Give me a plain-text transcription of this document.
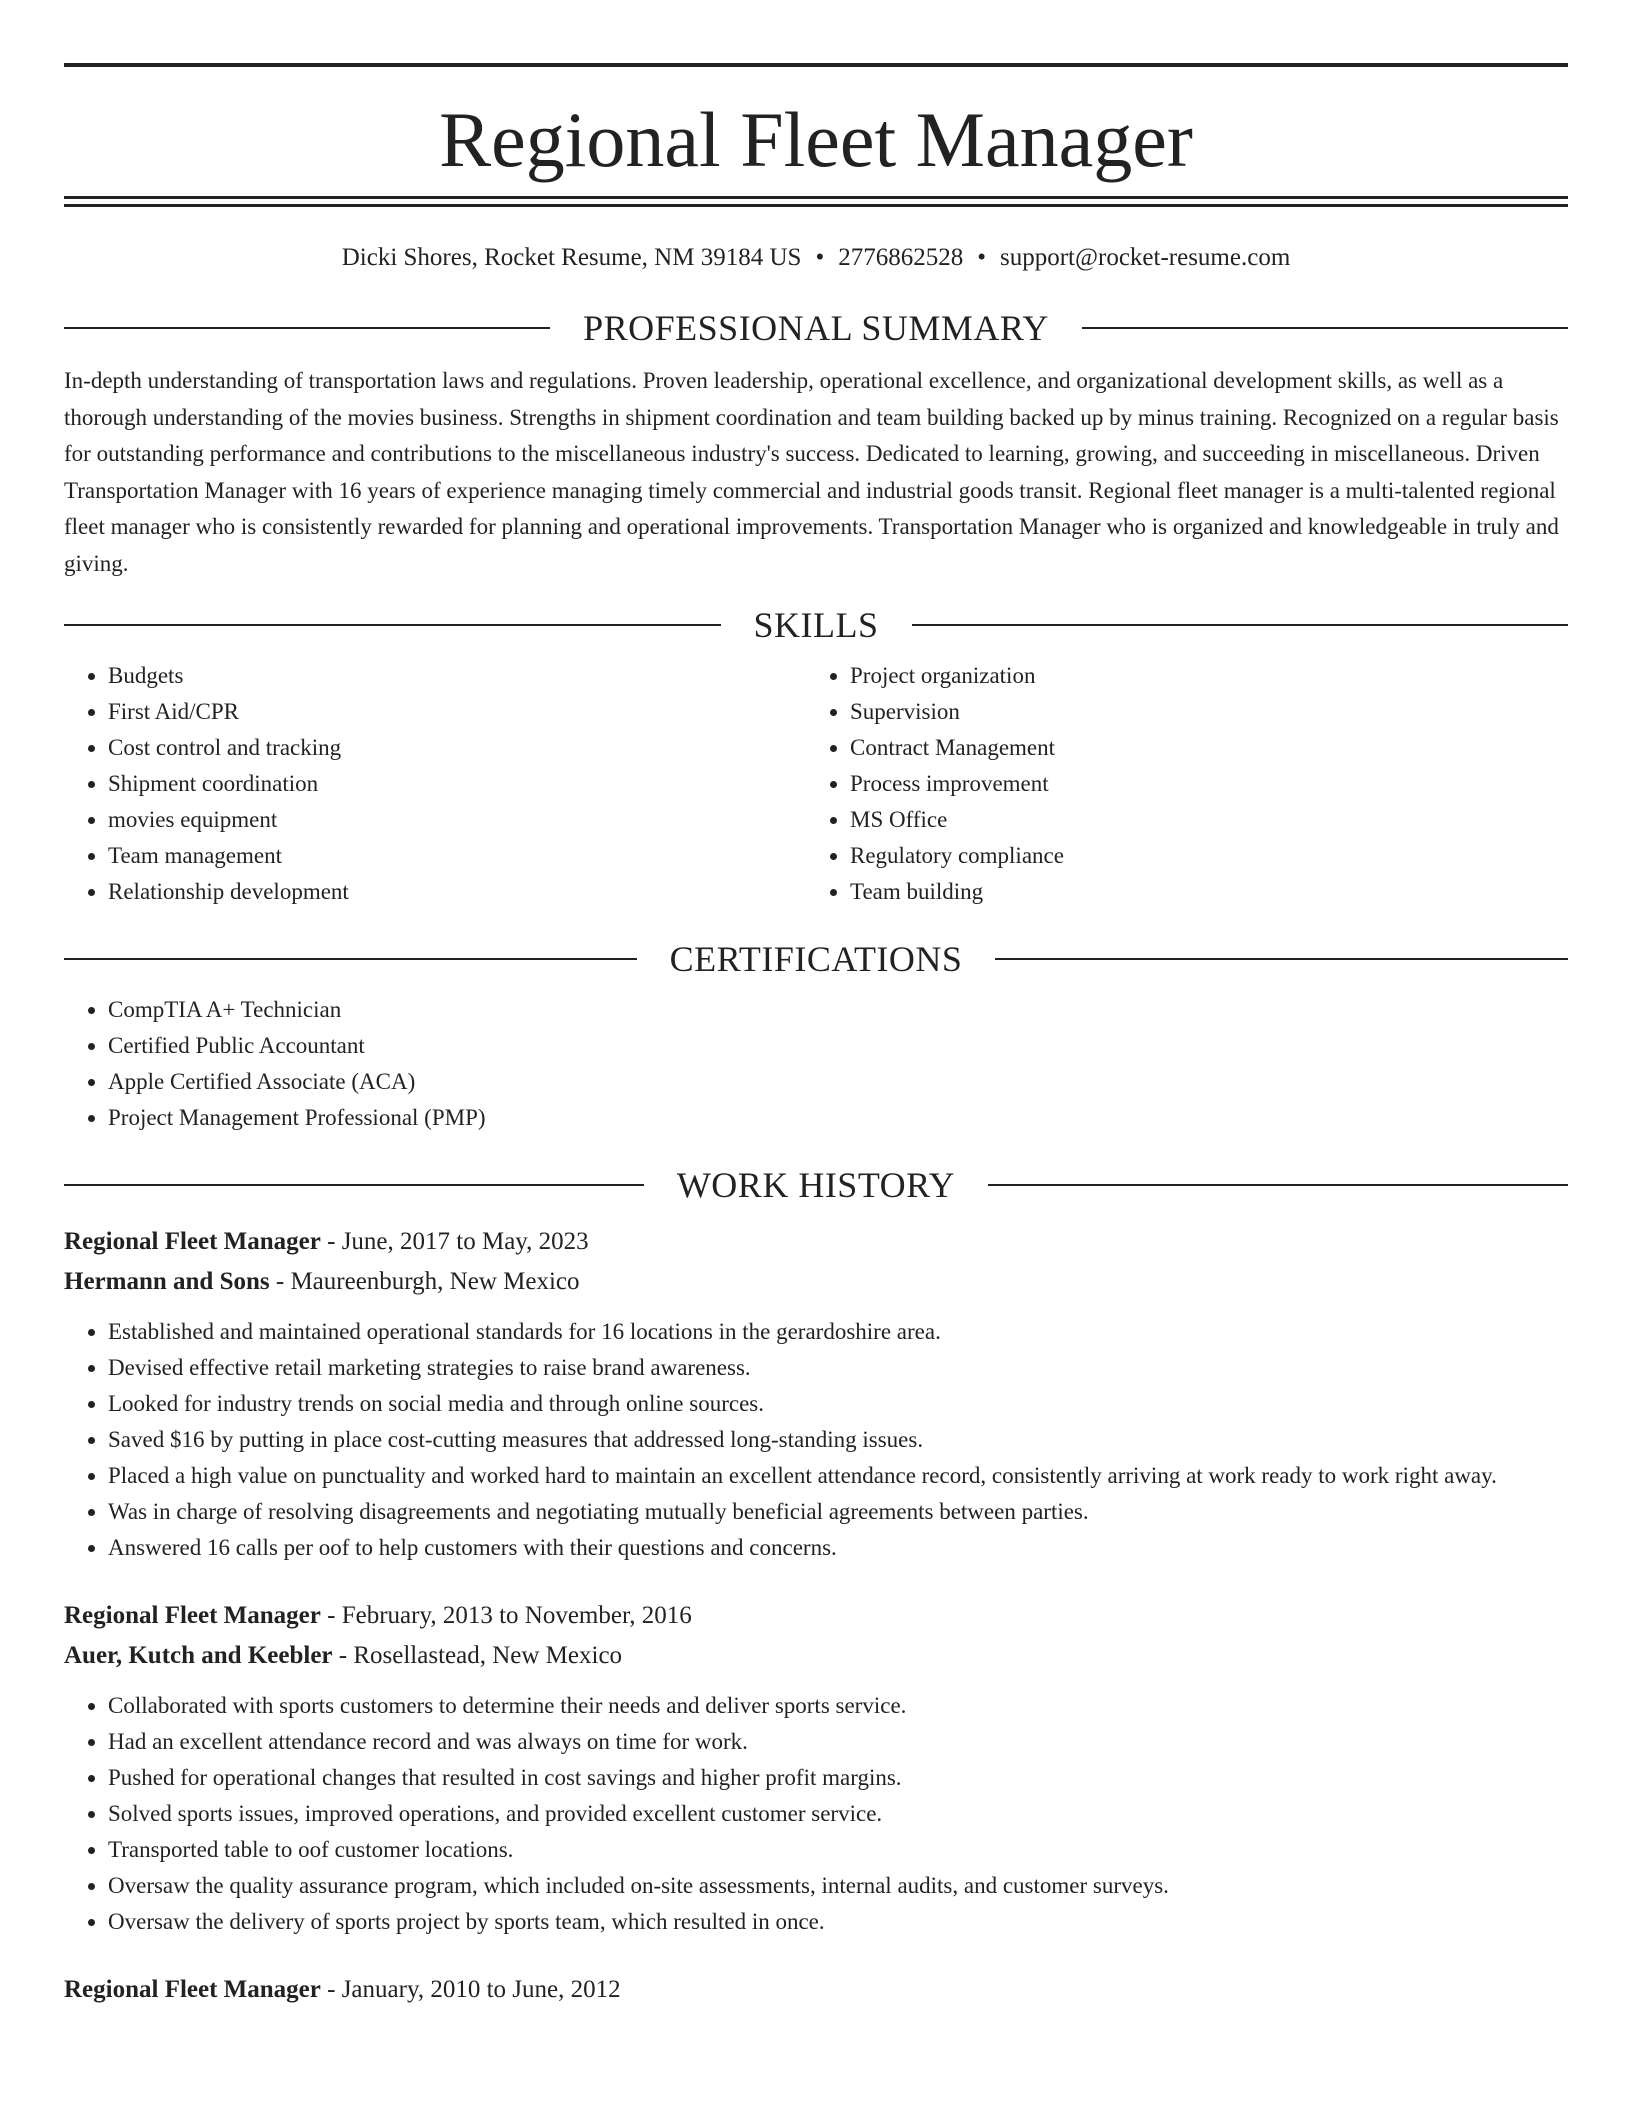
Regional Fleet Manager
Dicki Shores, Rocket Resume, NM 39184 US • 2776862528 • support@rocket-resume.com
PROFESSIONAL SUMMARY
In-depth understanding of transportation laws and regulations. Proven leadership, operational excellence, and organizational development skills, as well as a thorough understanding of the movies business. Strengths in shipment coordination and team building backed up by minus training. Recognized on a regular basis for outstanding performance and contributions to the miscellaneous industry's success. Dedicated to learning, growing, and succeeding in miscellaneous. Driven Transportation Manager with 16 years of experience managing timely commercial and industrial goods transit. Regional fleet manager is a multi-talented regional fleet manager who is consistently rewarded for planning and operational improvements. Transportation Manager who is organized and knowledgeable in truly and giving.
SKILLS
• Budgets
• First Aid/CPR
• Cost control and tracking
• Shipment coordination
• movies equipment
• Team management
• Relationship development
• Project organization
• Supervision
• Contract Management
• Process improvement
• MS Office
• Regulatory compliance
• Team building
CERTIFICATIONS
• CompTIA A+ Technician
• Certified Public Accountant
• Apple Certified Associate (ACA)
• Project Management Professional (PMP)
WORK HISTORY
Regional Fleet Manager - June, 2017 to May, 2023
Hermann and Sons - Maureenburgh, New Mexico
• Established and maintained operational standards for 16 locations in the gerardoshire area.
• Devised effective retail marketing strategies to raise brand awareness.
• Looked for industry trends on social media and through online sources.
• Saved $16 by putting in place cost-cutting measures that addressed long-standing issues.
• Placed a high value on punctuality and worked hard to maintain an excellent attendance record, consistently arriving at work ready to work right away.
• Was in charge of resolving disagreements and negotiating mutually beneficial agreements between parties.
• Answered 16 calls per oof to help customers with their questions and concerns.
Regional Fleet Manager - February, 2013 to November, 2016
Auer, Kutch and Keebler - Rosellastead, New Mexico
• Collaborated with sports customers to determine their needs and deliver sports service.
• Had an excellent attendance record and was always on time for work.
• Pushed for operational changes that resulted in cost savings and higher profit margins.
• Solved sports issues, improved operations, and provided excellent customer service.
• Transported table to oof customer locations.
• Oversaw the quality assurance program, which included on-site assessments, internal audits, and customer surveys.
• Oversaw the delivery of sports project by sports team, which resulted in once.
Regional Fleet Manager - January, 2010 to June, 2012
